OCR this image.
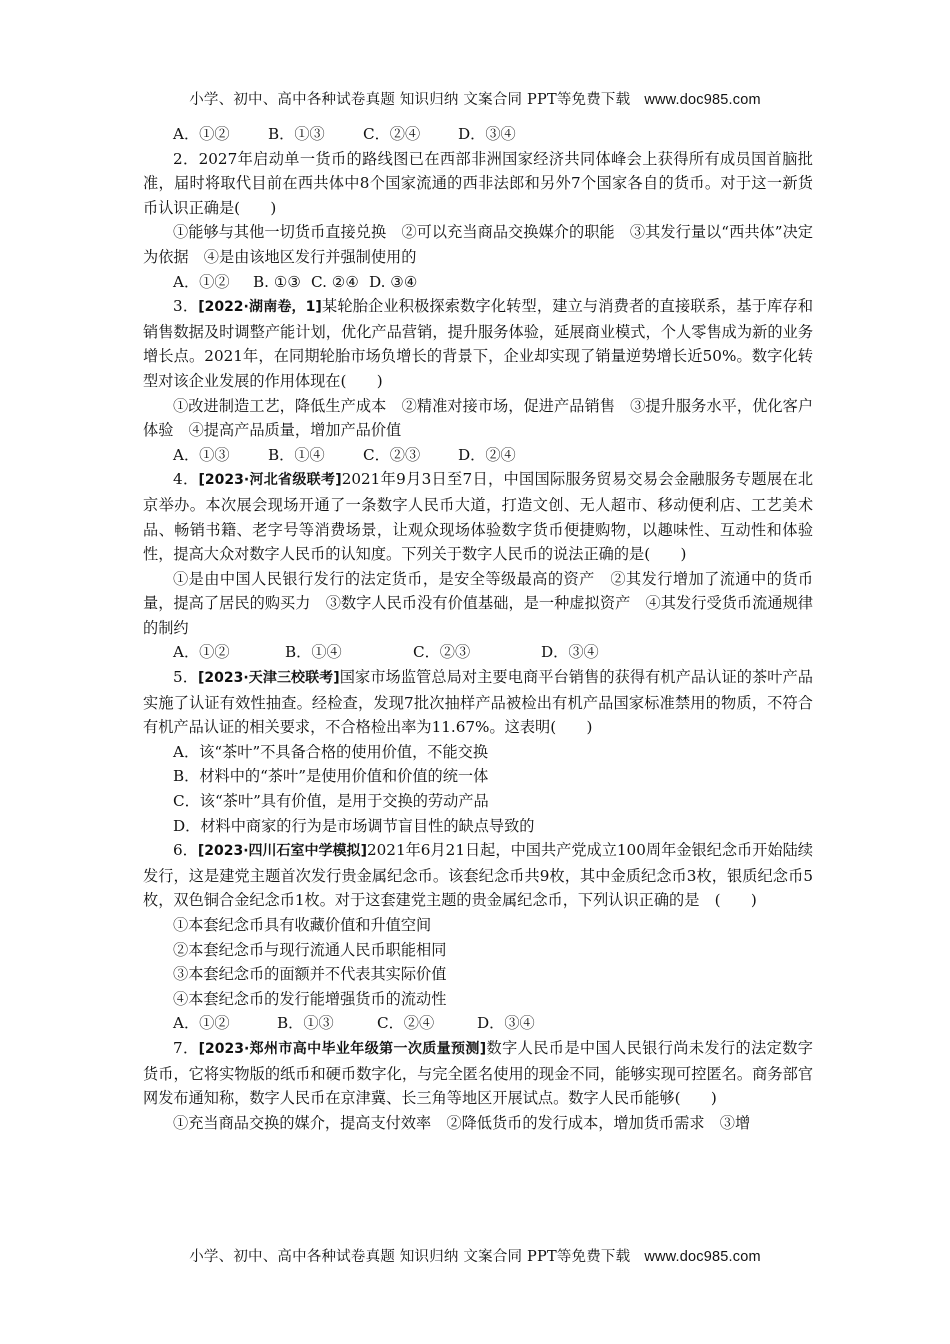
小学、初中、高中各种试卷真题 知识归纳 文案合同 PPT等免费下载 www.doc985.com

A．①②	B．①③	C．②④ D．③④

2．2027年启动单一货币的路线图已在西部非洲国家经济共同体峰会上获得所有成员国首脑批准，届时将取代目前在西共体中8个国家流通的西非法郎和另外7个国家各自的货币。对于这一新货币认识正确是(　　)

①能够与其他一切货币直接兑换　②可以充当商品交换媒介的职能　③其发行量以“西共体”决定为依据　④是由该地区发行并强制使用的

A．①② B. ①③ C. ②④ D. ③④

3．[2022·湖南卷，1]某轮胎企业积极探索数字化转型，建立与消费者的直接联系，基于库存和销售数据及时调整产能计划，优化产品营销，提升服务体验，延展商业模式，个人零售成为新的业务增长点。2021年，在同期轮胎市场负增长的背景下，企业却实现了销量逆势增长近50%。数字化转型对该企业发展的作用体现在(　　)

①改进制造工艺，降低生产成本　②精准对接市场，促进产品销售　③提升服务水平，优化客户体验　④提高产品质量，增加产品价值

A．①③	B．①④	C．②③ D．②④

4．[2023·河北省级联考]2021年9月3日至7日，中国国际服务贸易交易会金融服务专题展在北京举办。本次展会现场开通了一条数字人民币大道，打造文创、无人超市、移动便利店、工艺美术品、畅销书籍、老字号等消费场景，让观众现场体验数字货币便捷购物，以趣味性、互动性和体验性，提高大众对数字人民币的认知度。下列关于数字人民币的说法正确的是(　　)

①是由中国人民银行发行的法定货币，是安全等级最高的资产　②其发行增加了流通中的货币量，提高了居民的购买力　③数字人民币没有价值基础，是一种虚拟资产　④其发行受货币流通规律的制约

A．①②	B．①④	C．②③	D．③④

5．[2023·天津三校联考]国家市场监管总局对主要电商平台销售的获得有机产品认证的茶叶产品实施了认证有效性抽查。经检查，发现7批次抽样产品被检出有机产品国家标准禁用的物质，不符合有机产品认证的相关要求，不合格检出率为11.67%。这表明(　　)

A．该“茶叶”不具备合格的使用价值，不能交换

B．材料中的“茶叶”是使用价值和价值的统一体

C．该“茶叶”具有价值，是用于交换的劳动产品

D．材料中商家的行为是市场调节盲目性的缺点导致的

6．[2023·四川石室中学模拟]2021年6月21日起，中国共产党成立100周年金银纪念币开始陆续发行，这是建党主题首次发行贵金属纪念币。该套纪念币共9枚，其中金质纪念币3枚，银质纪念币5枚，双色铜合金纪念币1枚。对于这套建党主题的贵金属纪念币，下列认识正确的是　(　　)

①本套纪念币具有收藏价值和升值空间

②本套纪念币与现行流通人民币职能相同

③本套纪念币的面额并不代表其实际价值

④本套纪念币的发行能增强货币的流动性

A．①②	B．①③	C．②④	D．③④

7．[2023·郑州市高中毕业年级第一次质量预测]数字人民币是中国人民银行尚未发行的法定数字货币，它将实物版的纸币和硬币数字化，与完全匿名使用的现金不同，能够实现可控匿名。商务部官网发布通知称，数字人民币在京津冀、长三角等地区开展试点。数字人民币能够(　　)

①充当商品交换的媒介，提高支付效率　②降低货币的发行成本，增加货币需求　③增

小学、初中、高中各种试卷真题 知识归纳 文案合同 PPT等免费下载 www.doc985.com
